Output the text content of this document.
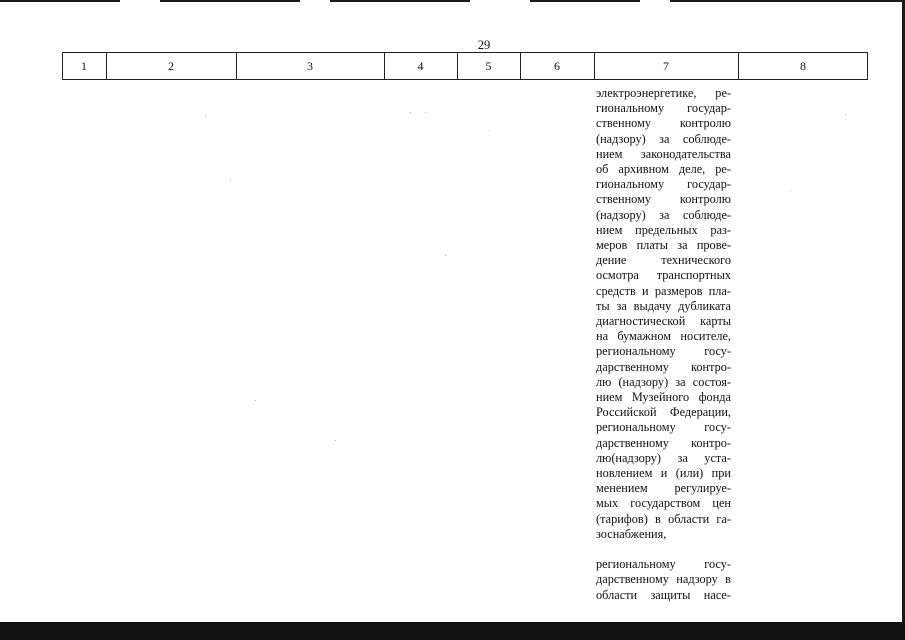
29
1	2	3	4	5	6	7	8

электроэнергетике, ре-

гиональному государ-

ственному контролю

(надзору) за соблюде-

нием законодательства

об архивном деле, ре-

гиональному государ-

ственному контролю

(надзору) за соблюде-

нием предельных раз-

меров платы за прове-

дение технического

осмотра транспортных

средств и размеров пла-

ты за выдачу дубликата

диагностической карты

на бумажном носителе,

региональному госу-

дарственному контро-

лю (надзору) за состоя-

нием Музейного фонда

Российской Федерации,

региональному госу-

дарственному контро-

лю(надзору) за уста-

новлением и (или) при

менением регулируе-

мых государством цен

(тарифов) в области га-

зоснабжения,

региональному госу-

дарственному надзору в

области защиты насе-
